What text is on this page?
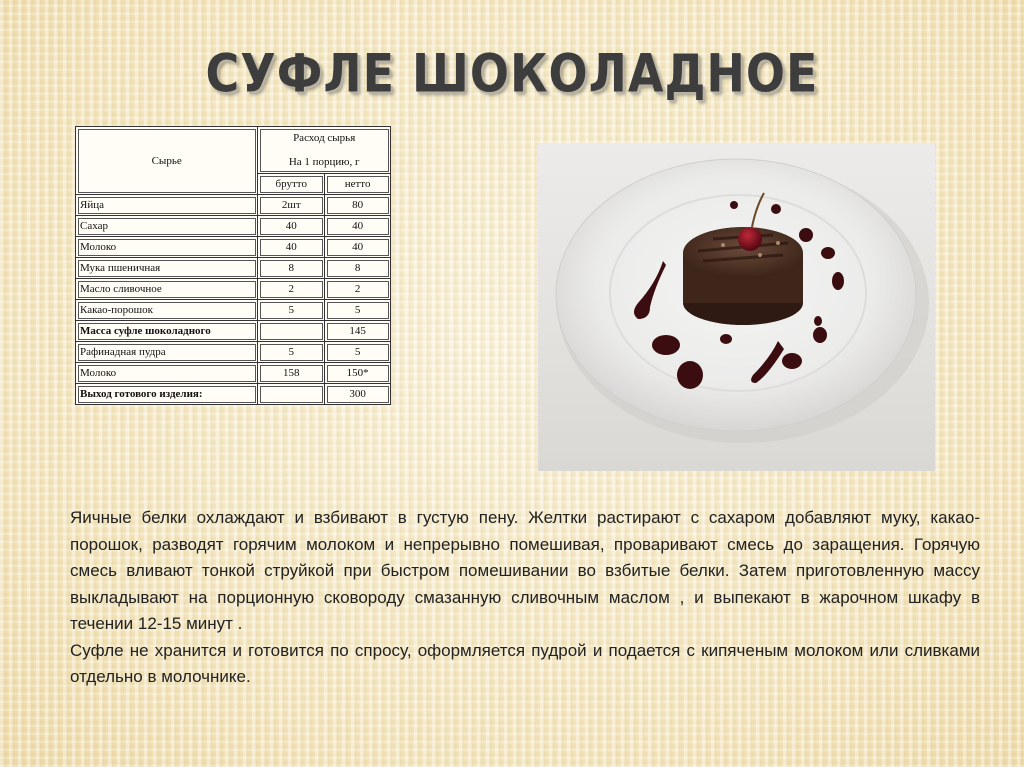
СУФЛЕ ШОКОЛАДНОЕ
Сырье	Расход сырья
На 1 порцию, г	

	брутто	нетто
Яйца	2шт	80
Сахар	40	40
Молоко	40	40
Мука пшеничная	8	8
Масло сливочное	2	2
Какао-порошок	5	5
Масса суфле шоколадного		145
Рафинадная пудра	5	5
Молоко	158	150*
Выход готового изделия:		300

Яичные белки охлаждают и взбивают в густую пену. Желтки растирают с сахаром добавляют муку, какао-порошок, разводят горячим молоком и непрерывно помешивая, проваривают смесь до заращения. Горячую смесь вливают тонкой струйкой при быстром помешивании во взбитые белки. Затем приготовленную массу выкладывают на порционную сковороду смазанную сливочным маслом , и выпекают в жарочном шкафу в течении 12-15 минут .

Суфле не хранится и готовится по спросу, оформляется пудрой и подается с кипяченым молоком или сливками отдельно в молочнике.
